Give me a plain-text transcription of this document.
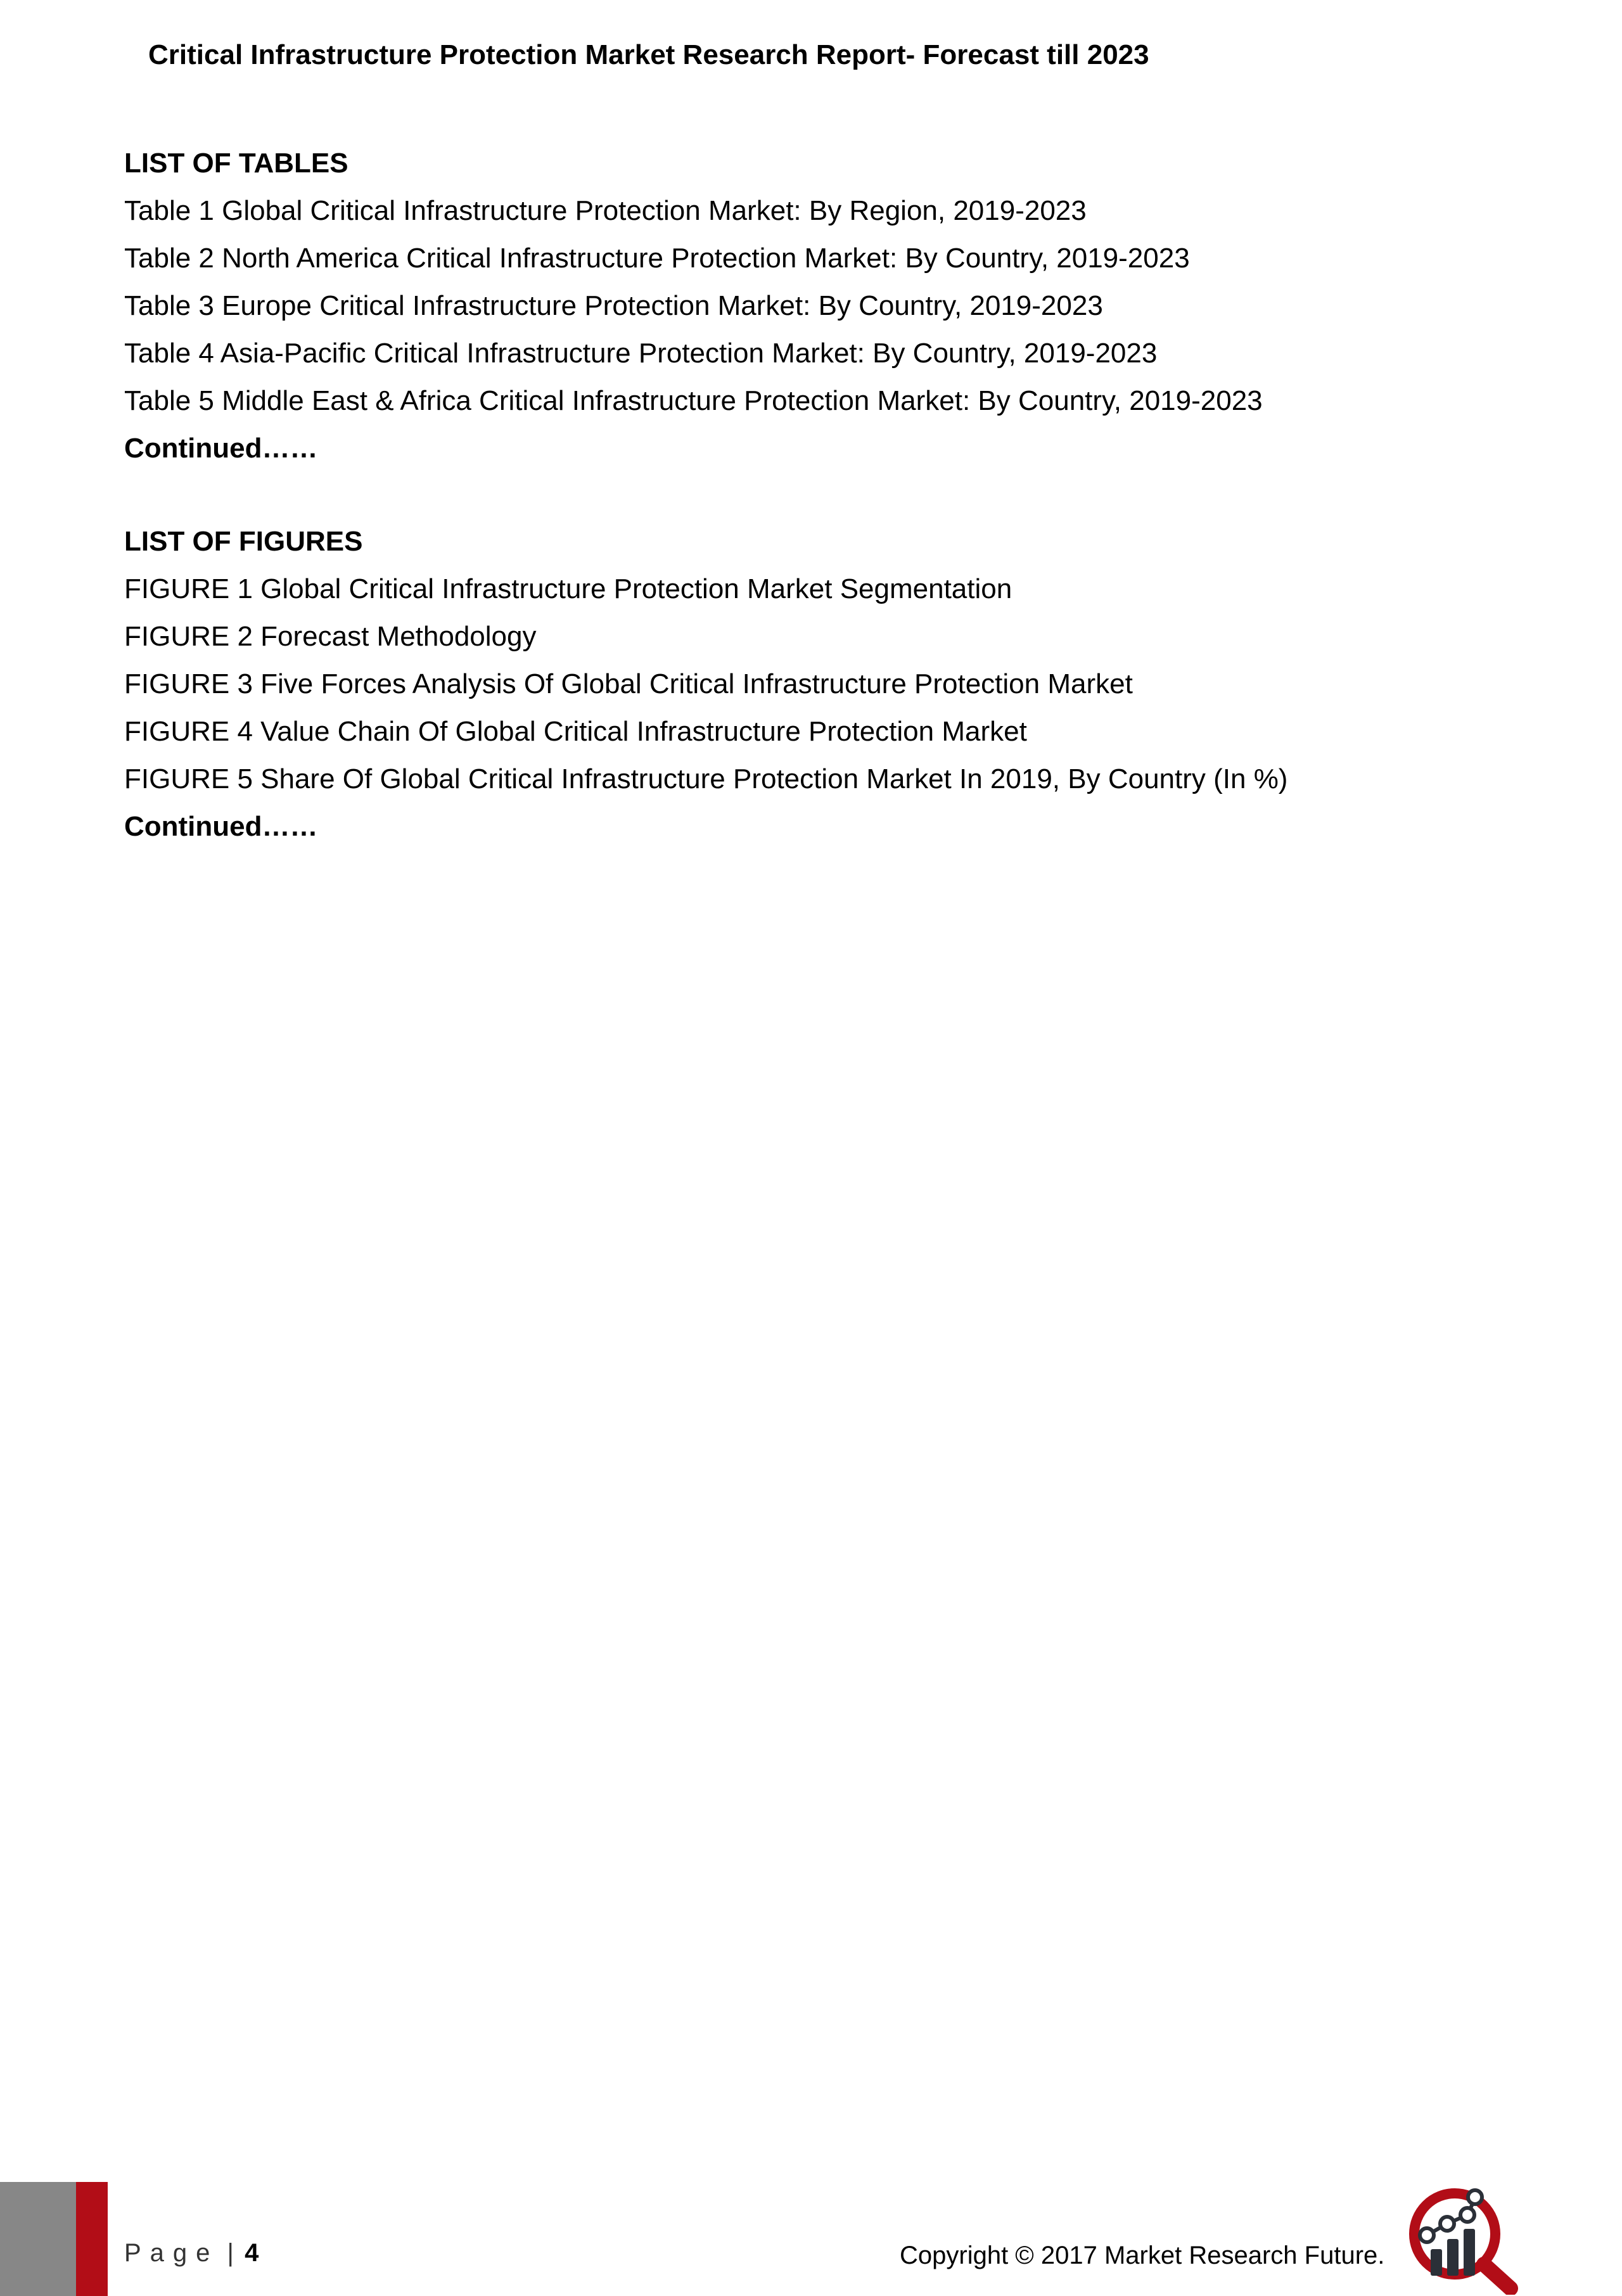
Critical Infrastructure Protection Market Research Report- Forecast till 2023
LIST OF TABLES
Table 1 Global Critical Infrastructure Protection Market: By Region, 2019-2023
Table 2 North America Critical Infrastructure Protection Market: By Country, 2019-2023
Table 3 Europe Critical Infrastructure Protection Market: By Country, 2019-2023
Table 4 Asia-Pacific Critical Infrastructure Protection Market: By Country, 2019-2023
Table 5 Middle East & Africa Critical Infrastructure Protection Market: By Country, 2019-2023
Continued……
LIST OF FIGURES
FIGURE 1 Global Critical Infrastructure Protection Market Segmentation
FIGURE 2 Forecast Methodology
FIGURE 3 Five Forces Analysis Of Global Critical Infrastructure Protection Market
FIGURE 4 Value Chain Of Global Critical Infrastructure Protection Market
FIGURE 5 Share Of Global Critical Infrastructure Protection Market In 2019, By Country (In %)
Continued……
Page | 4	Copyright © 2017 Market Research Future.
